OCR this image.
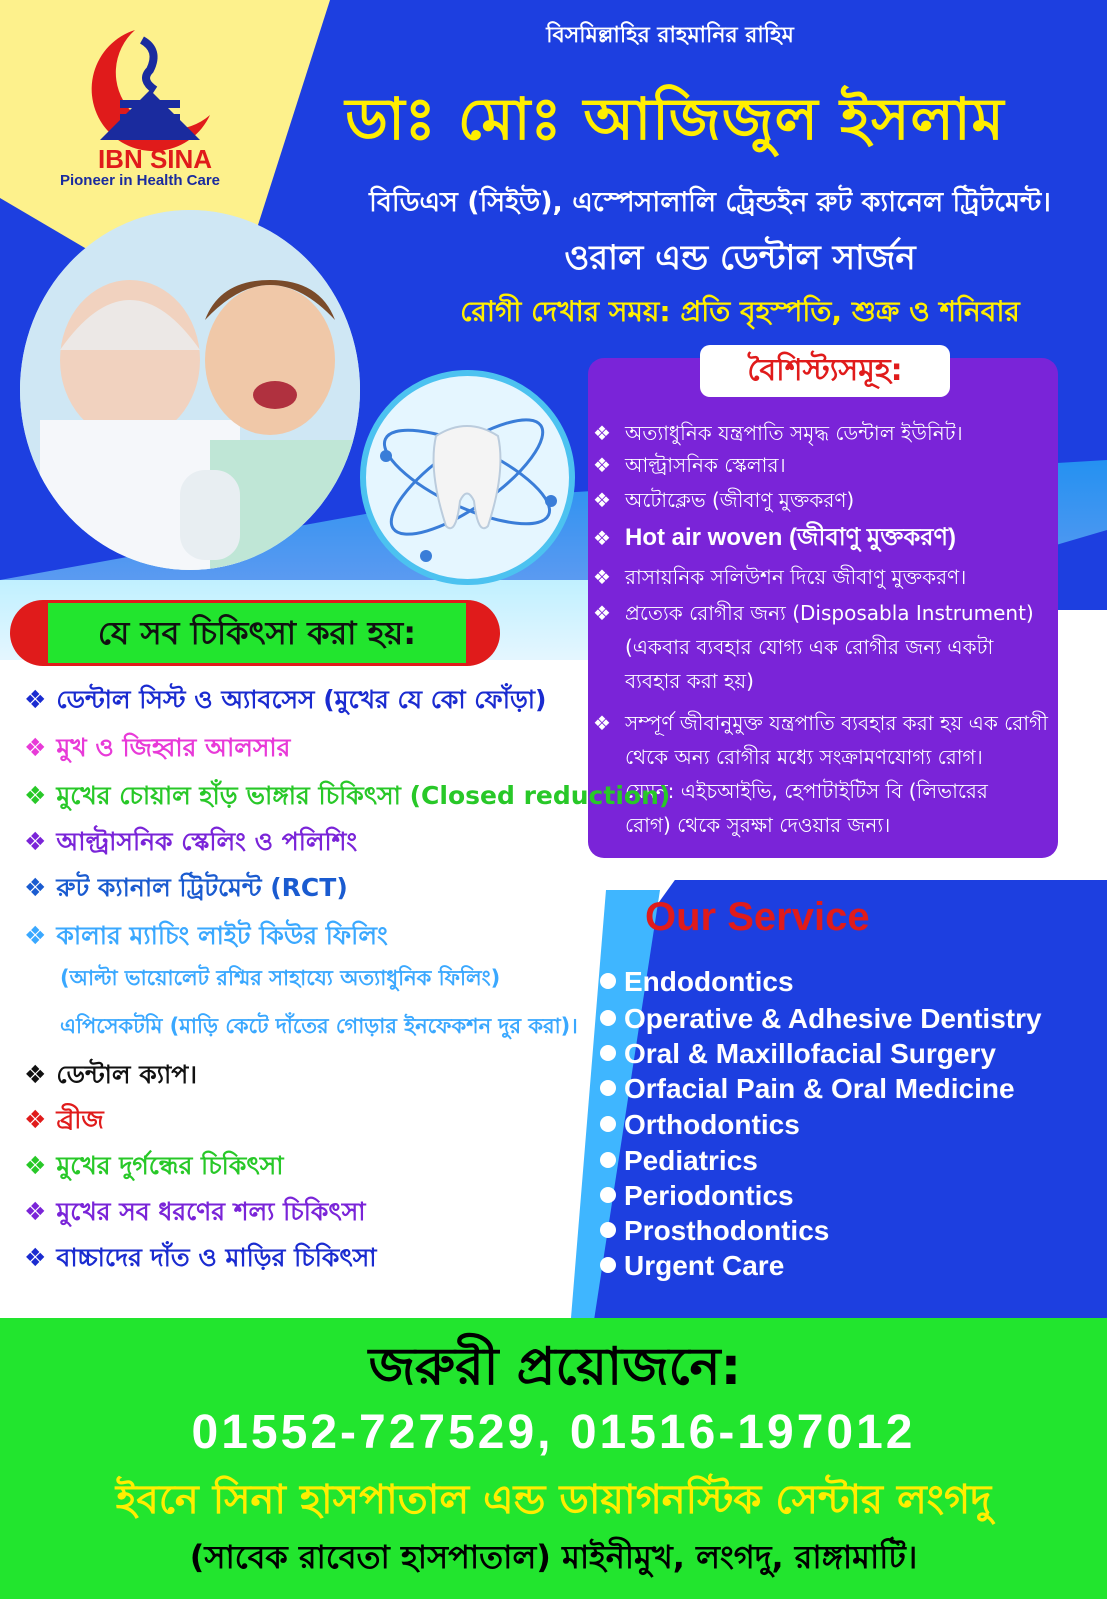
IBN SINA
Pioneer in Health Care
বিসমিল্লাহির রাহমানির রাহিম
ডাঃ মোঃ আজিজুল ইসলাম
বিডিএস (সিইউ), এস্পেসালালি ট্রেন্ডইন রুট ক্যানেল ট্রিটমেন্ট।
ওরাল এন্ড ডেন্টাল সার্জন
রোগী দেখার সময়: প্রতি বৃহস্পতি, শুক্র ও শনিবার
বৈশিস্ট্যসমূহ:
❖ অত্যাধুনিক যন্ত্রপাতি সমৃদ্ধ ডেন্টাল ইউনিট।
❖ আল্ট্রাসনিক স্কেলার।
❖ অটোক্লেভ (জীবাণু মুক্তকরণ)
❖ Hot air woven (জীবাণু মুক্তকরণ)
❖ রাসায়নিক সলিউশন দিয়ে জীবাণু মুক্তকরণ।
❖ প্রত্যেক রোগীর জন্য (Disposabla Instrument)
(একবার ব্যবহার যোগ্য এক রোগীর জন্য একটা
ব্যবহার করা হয়)
❖ সম্পূর্ণ জীবানুমুক্ত যন্ত্রপাতি ব্যবহার করা হয় এক রোগী
থেকে অন্য রোগীর মধ্যে সংক্রামণযোগ্য রোগ।
যেমন: এইচআইভি, হেপাটাইটিস বি (লিভারের
রোগ) থেকে সুরক্ষা দেওয়ার জন্য।
যে সব চিকিৎসা করা হয়:
❖ ডেন্টাল সিস্ট ও অ্যাবসেস (মুখের যে কো ফোঁড়া)
❖ মুখ ও জিহ্বার আলসার
❖ মুখের চোয়াল হাঁড় ভাঙ্গার চিকিৎসা (Closed reduction)
❖ আল্ট্রাসনিক স্কেলিং ও পলিশিং
❖ রুট ক্যানাল ট্রিটমেন্ট (RCT)
❖ কালার ম্যাচিং লাইট কিউর ফিলিং
(আল্টা ভায়োলেট রশ্মির সাহায্যে অত্যাধুনিক ফিলিং)
এপিসেকটমি (মাড়ি কেটে দাঁতের গোড়ার ইনফেকশন দুর করা)।
❖ ডেন্টাল ক্যাপ।
❖ ব্রীজ
❖ মুখের দুর্গন্ধের চিকিৎসা
❖ মুখের সব ধরণের শল্য চিকিৎসা
❖ বাচ্চাদের দাঁত ও মাড়ির চিকিৎসা
Our Service
Endodontics
Operative & Adhesive Dentistry
Oral & Maxillofacial Surgery
Orfacial Pain & Oral Medicine
Orthodontics
Pediatrics
Periodontics
Prosthodontics
Urgent Care
জরুরী প্রয়োজনে:
01552-727529, 01516-197012
ইবনে সিনা হাসপাতাল এন্ড ডায়াগনস্টিক সেন্টার লংগদু
(সাবেক রাবেতা হাসপাতাল) মাইনীমুখ, লংগদু, রাঙ্গামাটি।
